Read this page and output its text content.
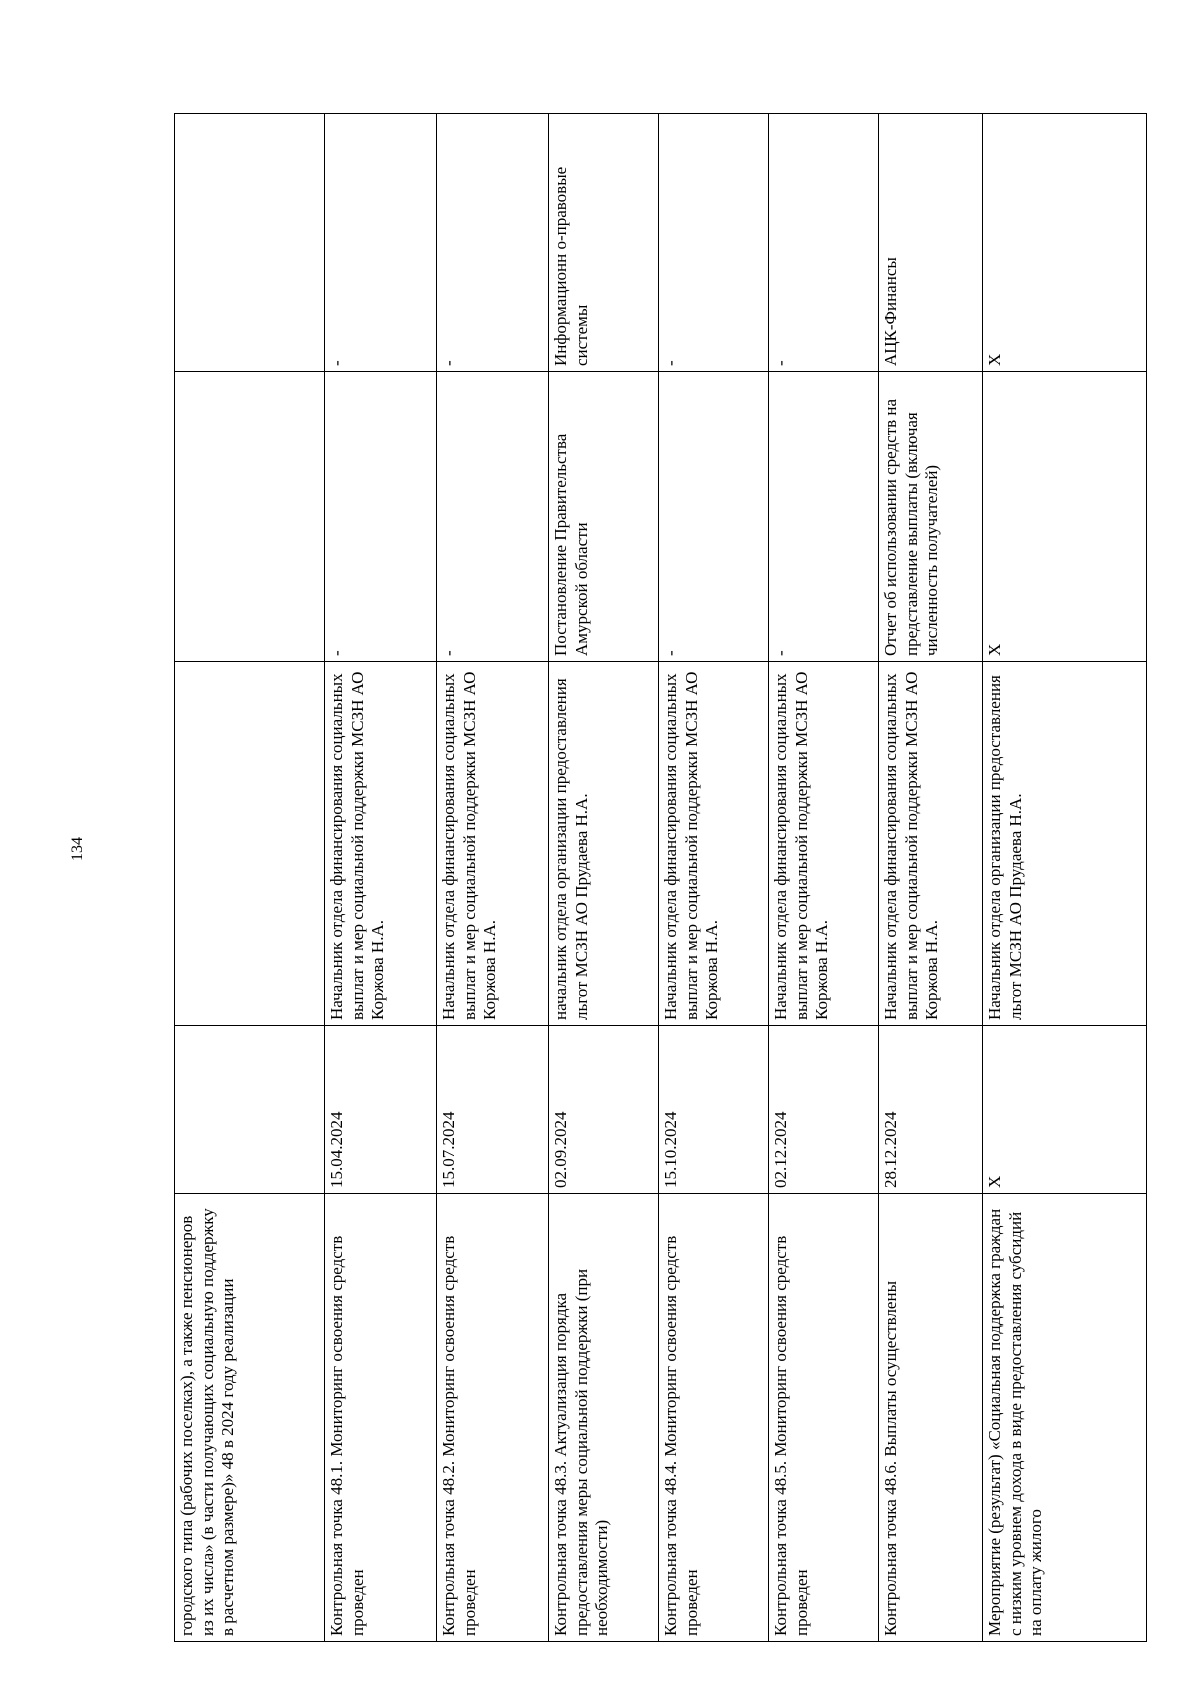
134
городского типа (рабочих поселках), а также пенсионеров из их числа» (в части получающих социальную поддержку в расчетном размере)» 48 в 2024 году реализации				
Контрольная точка 48.1. Мониторинг освоения средств проведен	15.04.2024	Начальник отдела финансирования социальных выплат и мер социальной поддержки МСЗН АО Коржова Н.А.	-	-
Контрольная точка 48.2. Мониторинг освоения средств проведен	15.07.2024	Начальник отдела финансирования социальных выплат и мер социальной поддержки МСЗН АО Коржова Н.А.	-	-
Контрольная точка 48.3. Актуализация порядка предоставления меры социальной поддержки (при необходимости)	02.09.2024	начальник отдела организации предоставления льгот МСЗН АО Прудаева Н.А.	Постановление Правительства Амурской области	Информационн о-правовые системы
Контрольная точка 48.4. Мониторинг освоения средств проведен	15.10.2024	Начальник отдела финансирования социальных выплат и мер социальной поддержки МСЗН АО Коржова Н.А.	-	-
Контрольная точка 48.5. Мониторинг освоения средств проведен	02.12.2024	Начальник отдела финансирования социальных выплат и мер социальной поддержки МСЗН АО Коржова Н.А.	-	-
Контрольная точка 48.6. Выплаты осуществлены	28.12.2024	Начальник отдела финансирования социальных выплат и мер социальной поддержки МСЗН АО Коржова Н.А.	Отчет об использовании средств на представление выплаты (включая численность получателей)	АЦК-Финансы
Мероприятие (результат) «Социальная поддержка граждан с низким уровнем дохода в виде предоставления субсидий на оплату жилого	X	Начальник отдела организации предоставления льгот МСЗН АО Прудаева Н.А.	X	X
